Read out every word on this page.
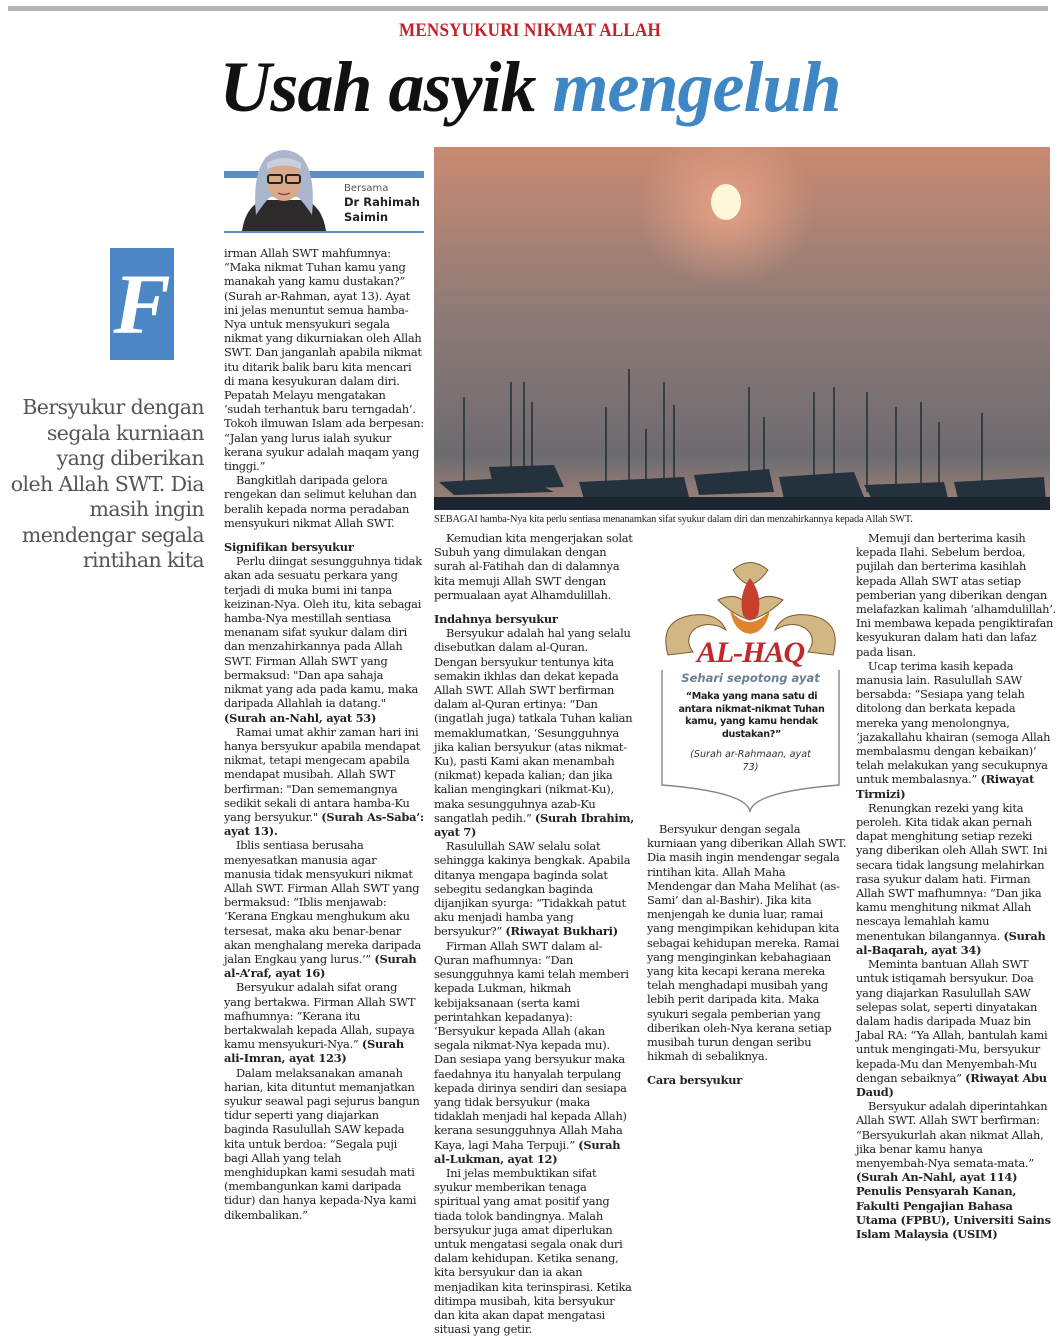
MENSYUKURI NIKMAT ALLAH
Usah asyik mengeluh
Bersama
Dr Rahimah Saimin
F
Bersyukur dengan segala kurniaan yang diberikan oleh Allah SWT. Dia masih ingin mendengar segala rintihan kita
SEBAGAI hamba-Nya kita perlu sentiasa menanamkan sifat syukur dalam diri dan menzahirkannya kepada Allah SWT.
AL-HAQ
Sehari sepotong ayat
“Maka yang mana satu di antara nikmat-nikmat Tuhan kamu, yang kamu hendak dustakan?”
(Surah ar-Rahmaan, ayat 73)

irman Allah SWT mahfumnya: “Maka nikmat Tuhan kamu yang manakah yang kamu dustakan?” (Surah ar-Rahman, ayat 13). Ayat ini jelas menuntut semua hamba-Nya untuk mensyukuri segala nikmat yang dikurniakan oleh Allah SWT. Dan janganlah apabila nikmat itu ditarik balik baru kita mencari di mana kesyukuran dalam diri. Pepatah Melayu mengatakan ‘sudah terhantuk baru terngadah’. Tokoh ilmuwan Islam ada berpesan: “Jalan yang lurus ialah syukur kerana syukur adalah maqam yang tinggi.”

Bangkitlah daripada gelora rengekan dan selimut keluhan dan beralih kepada norma peradaban mensyukuri nikmat Allah SWT.

Signifikan bersyukur

Perlu diingat sesungguhnya tidak akan ada sesuatu perkara yang terjadi di muka bumi ini tanpa keizinan-Nya. Oleh itu, kita sebagai hamba-Nya mestillah sentiasa menanam sifat syukur dalam diri dan menzahirkannya pada Allah SWT. Firman Allah SWT yang bermaksud: "Dan apa sahaja nikmat yang ada pada kamu, maka daripada Allahlah ia datang." (Surah an-Nahl, ayat 53)

Ramai umat akhir zaman hari ini hanya bersyukur apabila mendapat nikmat, tetapi mengecam apabila mendapat musibah. Allah SWT berfirman: "Dan sememangnya sedikit sekali di antara hamba-Ku yang bersyukur." (Surah As-Saba’: ayat 13).

Iblis sentiasa berusaha menyesatkan manusia agar manusia tidak mensyukuri nikmat Allah SWT. Firman Allah SWT yang bermaksud: “Iblis menjawab: ‘Kerana Engkau menghukum aku tersesat, maka aku benar-benar akan menghalang mereka daripada jalan Engkau yang lurus.’” (Surah al-A’raf, ayat 16)

Bersyukur adalah sifat orang yang bertakwa. Firman Allah SWT mafhumnya: “Kerana itu bertakwalah kepada Allah, supaya kamu mensyukuri-Nya.” (Surah ali-Imran, ayat 123)

Dalam melaksanakan amanah harian, kita dituntut memanjatkan syukur seawal pagi sejurus bangun tidur seperti yang diajarkan baginda Rasulullah SAW kepada kita untuk berdoa: “Segala puji bagi Allah yang telah menghidupkan kami sesudah mati (membangunkan kami daripada tidur) dan hanya kepada-Nya kami dikembalikan.”

Kemudian kita mengerjakan solat Subuh yang dimulakan dengan surah al-Fatihah dan di dalamnya kita memuji Allah SWT dengan permualaan ayat Alhamdulillah.

Indahnya bersyukur

Bersyukur adalah hal yang selalu disebutkan dalam al-Quran. Dengan bersyukur tentunya kita semakin ikhlas dan dekat kepada Allah SWT. Allah SWT berfirman dalam al-Quran ertinya: “Dan (ingatlah juga) tatkala Tuhan kalian memaklumatkan, ‘Sesungguhnya jika kalian bersyukur (atas nikmat-Ku), pasti Kami akan menambah (nikmat) kepada kalian; dan jika kalian mengingkari (nikmat-Ku), maka sesungguhnya azab-Ku sangatlah pedih.” (Surah Ibrahim, ayat 7)

Rasulullah SAW selalu solat sehingga kakinya bengkak. Apabila ditanya mengapa baginda solat sebegitu sedangkan baginda dijanjikan syurga: “Tidakkah patut aku menjadi hamba yang bersyukur?” (Riwayat Bukhari)

Firman Allah SWT dalam al-Quran mafhumnya: “Dan sesungguhnya kami telah memberi kepada Lukman, hikmah kebijaksanaan (serta kami perintahkan kepadanya): ‘Bersyukur kepada Allah (akan segala nikmat-Nya kepada mu). Dan sesiapa yang bersyukur maka faedahnya itu hanyalah terpulang kepada dirinya sendiri dan sesiapa yang tidak bersyukur (maka tidaklah menjadi hal kepada Allah) kerana sesungguhnya Allah Maha Kaya, lagi Maha Terpuji.” (Surah al-Lukman, ayat 12)

Ini jelas membuktikan sifat syukur memberikan tenaga spiritual yang amat positif yang tiada tolok bandingnya. Malah bersyukur juga amat diperlukan untuk mengatasi segala onak duri dalam kehidupan. Ketika senang, kita bersyukur dan ia akan menjadikan kita terinspirasi. Ketika ditimpa musibah, kita bersyukur dan kita akan dapat mengatasi situasi yang getir.

Bersyukur dengan segala kurniaan yang diberikan Allah SWT. Dia masih ingin mendengar segala rintihan kita. Allah Maha Mendengar dan Maha Melihat (as-Sami’ dan al-Bashir). Jika kita menjengah ke dunia luar, ramai yang mengimpikan kehidupan kita sebagai kehidupan mereka. Ramai yang menginginkan kebahagiaan yang kita kecapi kerana mereka telah menghadapi musibah yang lebih perit daripada kita. Maka syukuri segala pemberian yang diberikan oleh-Nya kerana setiap musibah turun dengan seribu hikmah di sebaliknya.

Cara bersyukur

Memuji dan berterima kasih kepada Ilahi. Sebelum berdoa, pujilah dan berterima kasihlah kepada Allah SWT atas setiap pemberian yang diberikan dengan melafazkan kalimah ‘alhamdulillah’. Ini membawa kepada pengiktirafan kesyukuran dalam hati dan lafaz pada lisan.

Ucap terima kasih kepada manusia lain. Rasulullah SAW bersabda: “Sesiapa yang telah ditolong dan berkata kepada mereka yang menolongnya, ‘jazakallahu khairan (semoga Allah membalasmu dengan kebaikan)’ telah melakukan yang secukupnya untuk membalasnya.” (Riwayat Tirmizi)

Renungkan rezeki yang kita peroleh. Kita tidak akan pernah dapat menghitung setiap rezeki yang diberikan oleh Allah SWT. Ini secara tidak langsung melahirkan rasa syukur dalam hati. Firman Allah SWT mafhumnya: “Dan jika kamu menghitung nikmat Allah nescaya lemahlah kamu menentukan bilangannya. (Surah al-Baqarah, ayat 34)

Meminta bantuan Allah SWT untuk istiqamah bersyukur. Doa yang diajarkan Rasulullah SAW selepas solat, seperti dinyatakan dalam hadis daripada Muaz bin Jabal RA: “Ya Allah, bantulah kami untuk mengingati-Mu, bersyukur kepada-Mu dan Menyembah-Mu dengan sebaiknya” (Riwayat Abu Daud)

Bersyukur adalah diperintahkan Allah SWT. Allah SWT berfirman: “Bersyukurlah akan nikmat Allah, jika benar kamu hanya menyembah-Nya semata-mata.” (Surah An-Nahl, ayat 114)

Penulis Pensyarah Kanan, Fakulti Pengajian Bahasa Utama (FPBU), Universiti Sains Islam Malaysia (USIM)
